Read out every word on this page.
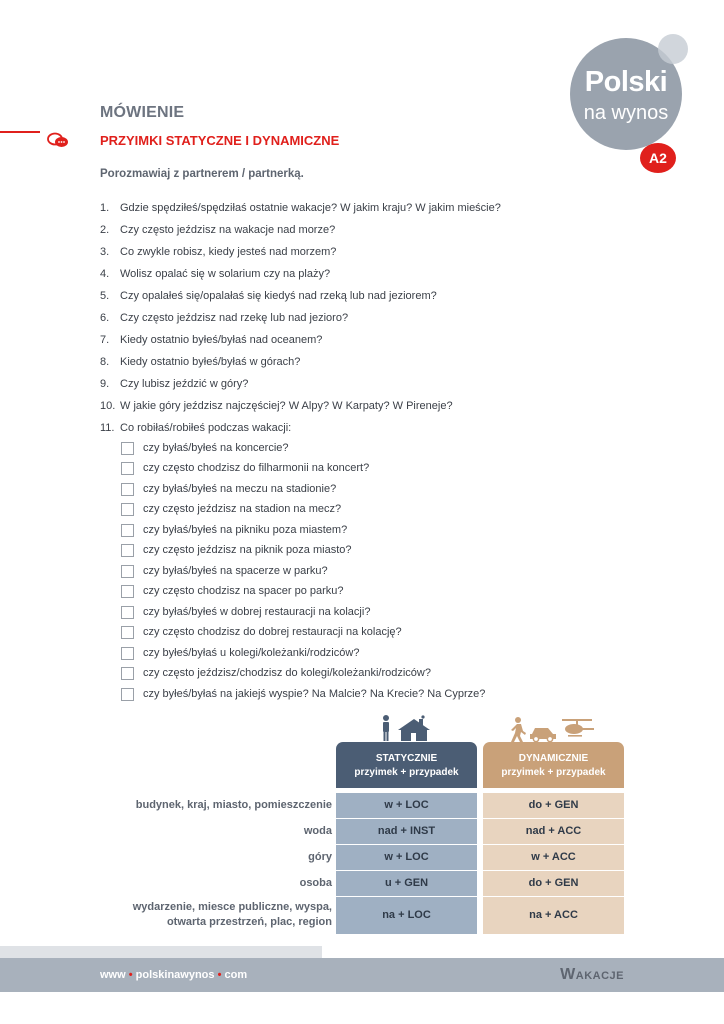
Polski
na wynos
A2
MÓWIENIE
PRZYIMKI STATYCZNE I DYNAMICZNE
Porozmawiaj z partnerem / partnerką.
1. Gdzie spędziłeś/spędziłaś ostatnie wakacje? W jakim kraju? W jakim mieście?
2. Czy często jeździsz na wakacje nad morze?
3. Co zwykle robisz, kiedy jesteś nad morzem?
4. Wolisz opalać się w solarium czy na plaży?
5. Czy opalałeś się/opalałaś się kiedyś nad rzeką lub nad jeziorem?
6. Czy często jeździsz nad rzekę lub nad jezioro?
7. Kiedy ostatnio byłeś/byłaś nad oceanem?
8. Kiedy ostatnio byłeś/byłaś w górach?
9. Czy lubisz jeździć w góry?
10. W jakie góry jeździsz najczęściej? W Alpy? W Karpaty? W Pireneje?
11. Co robiłaś/robiłeś podczas wakacji:
czy byłaś/byłeś na koncercie?
czy często chodzisz do filharmonii na koncert?
czy byłaś/byłeś na meczu na stadionie?
czy często jeździsz na stadion na mecz?
czy byłaś/byłeś na pikniku poza miastem?
czy często jeździsz na piknik poza miasto?
czy byłaś/byłeś na spacerze w parku?
czy często chodzisz na spacer po parku?
czy byłaś/byłeś w dobrej restauracji na kolacji?
czy często chodzisz do dobrej restauracji na kolację?
czy byłeś/byłaś u kolegi/koleżanki/rodziców?
czy często jeździsz/chodzisz do kolegi/koleżanki/rodziców?
czy byłeś/byłaś na jakiejś wyspie? Na Malcie? Na Krecie? Na Cyprze?
STATYCZNIE
przyimek + przypadek
DYNAMICZNIE
przyimek + przypadek
budynek, kraj, miasto, pomieszczenie	w + LOC	do + GEN
woda	nad + INST	nad + ACC
góry	w + LOC	w + ACC
osoba	u + GEN	do + GEN
wydarzenie, miesce publiczne, wyspa,
otwarta przestrzeń, plac, region
na + LOC	na + ACC
www • polskinawynos • com	Wakacje
